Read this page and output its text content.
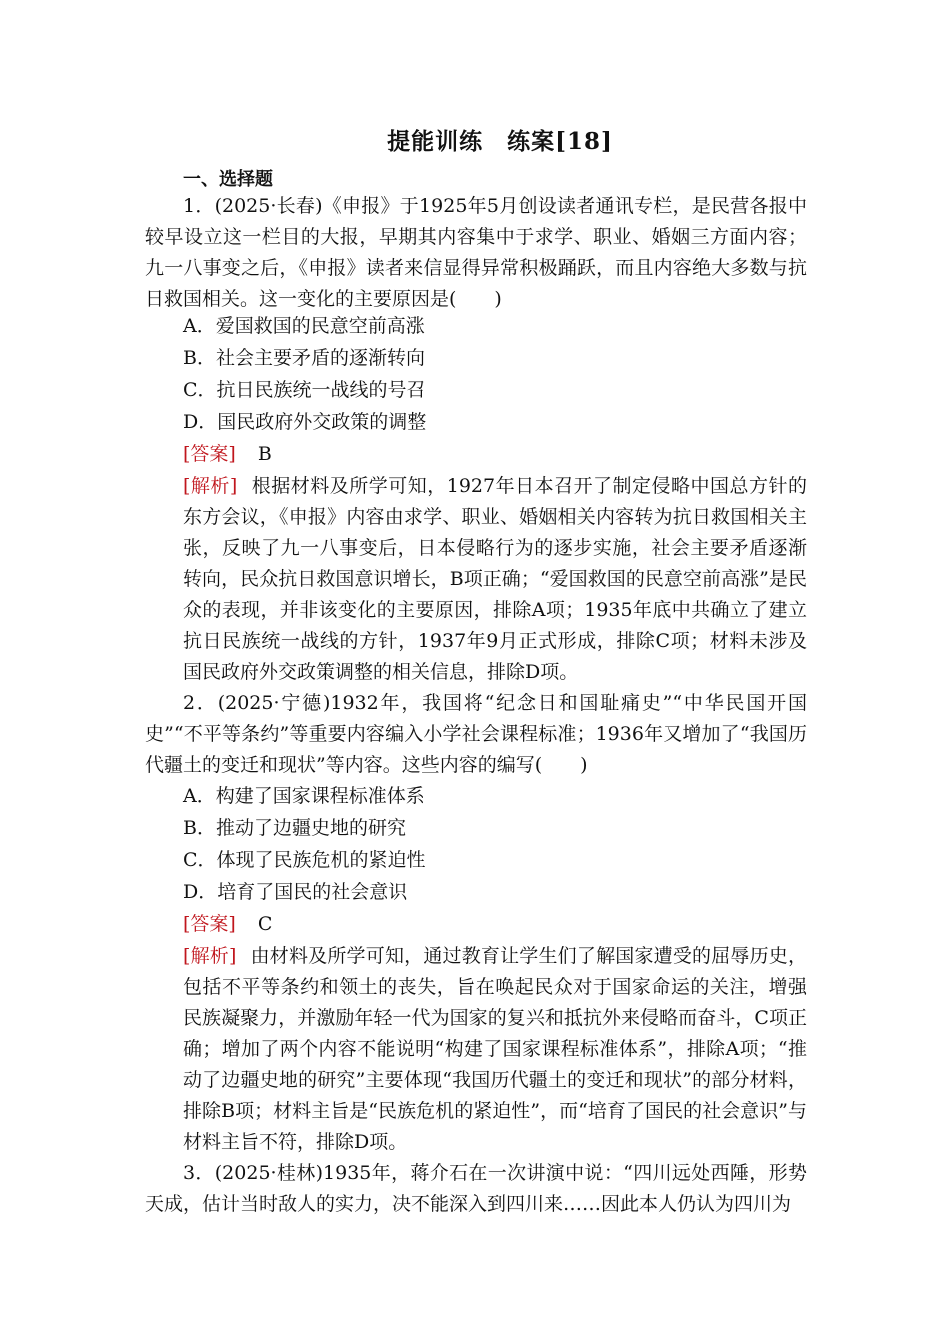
提能训练　练案[18]
一、选择题

1．(2025·长春)《申报》于1925年5月创设读者通讯专栏，是民营各报中较早设立这一栏目的大报，早期其内容集中于求学、职业、婚姻三方面内容；九一八事变之后，《申报》读者来信显得异常积极踊跃，而且内容绝大多数与抗日救国相关。这一变化的主要原因是(　　)

A．爱国救国的民意空前高涨

B．社会主要矛盾的逐渐转向

C．抗日民族统一战线的号召

D．国民政府外交政策的调整

[答案] B

[解析] 根据材料及所学可知，1927年日本召开了制定侵略中国总方针的东方会议，《申报》内容由求学、职业、婚姻相关内容转为抗日救国相关主张，反映了九一八事变后，日本侵略行为的逐步实施，社会主要矛盾逐渐转向，民众抗日救国意识增长，B项正确；“爱国救国的民意空前高涨”是民众的表现，并非该变化的主要原因，排除A项；1935年底中共确立了建立抗日民族统一战线的方针，1937年9月正式形成，排除C项；材料未涉及国民政府外交政策调整的相关信息，排除D项。

2．(2025·宁德)1932年，我国将“纪念日和国耻痛史”“中华民国开国史”“不平等条约”等重要内容编入小学社会课程标准；1936年又增加了“我国历代疆土的变迁和现状”等内容。这些内容的编写(　　)

A．构建了国家课程标准体系

B．推动了边疆史地的研究

C．体现了民族危机的紧迫性

D．培育了国民的社会意识

[答案] C

[解析] 由材料及所学可知，通过教育让学生们了解国家遭受的屈辱历史，包括不平等条约和领土的丧失，旨在唤起民众对于国家命运的关注，增强民族凝聚力，并激励年轻一代为国家的复兴和抵抗外来侵略而奋斗，C项正确；增加了两个内容不能说明“构建了国家课程标准体系”，排除A项；“推动了边疆史地的研究”主要体现“我国历代疆土的变迁和现状”的部分材料，排除B项；材料主旨是“民族危机的紧迫性”，而“培育了国民的社会意识”与材料主旨不符，排除D项。

3．(2025·桂林)1935年，蒋介石在一次讲演中说：“四川远处西陲，形势天成，估计当时敌人的实力，决不能深入到四川来……因此本人仍认为四川为
